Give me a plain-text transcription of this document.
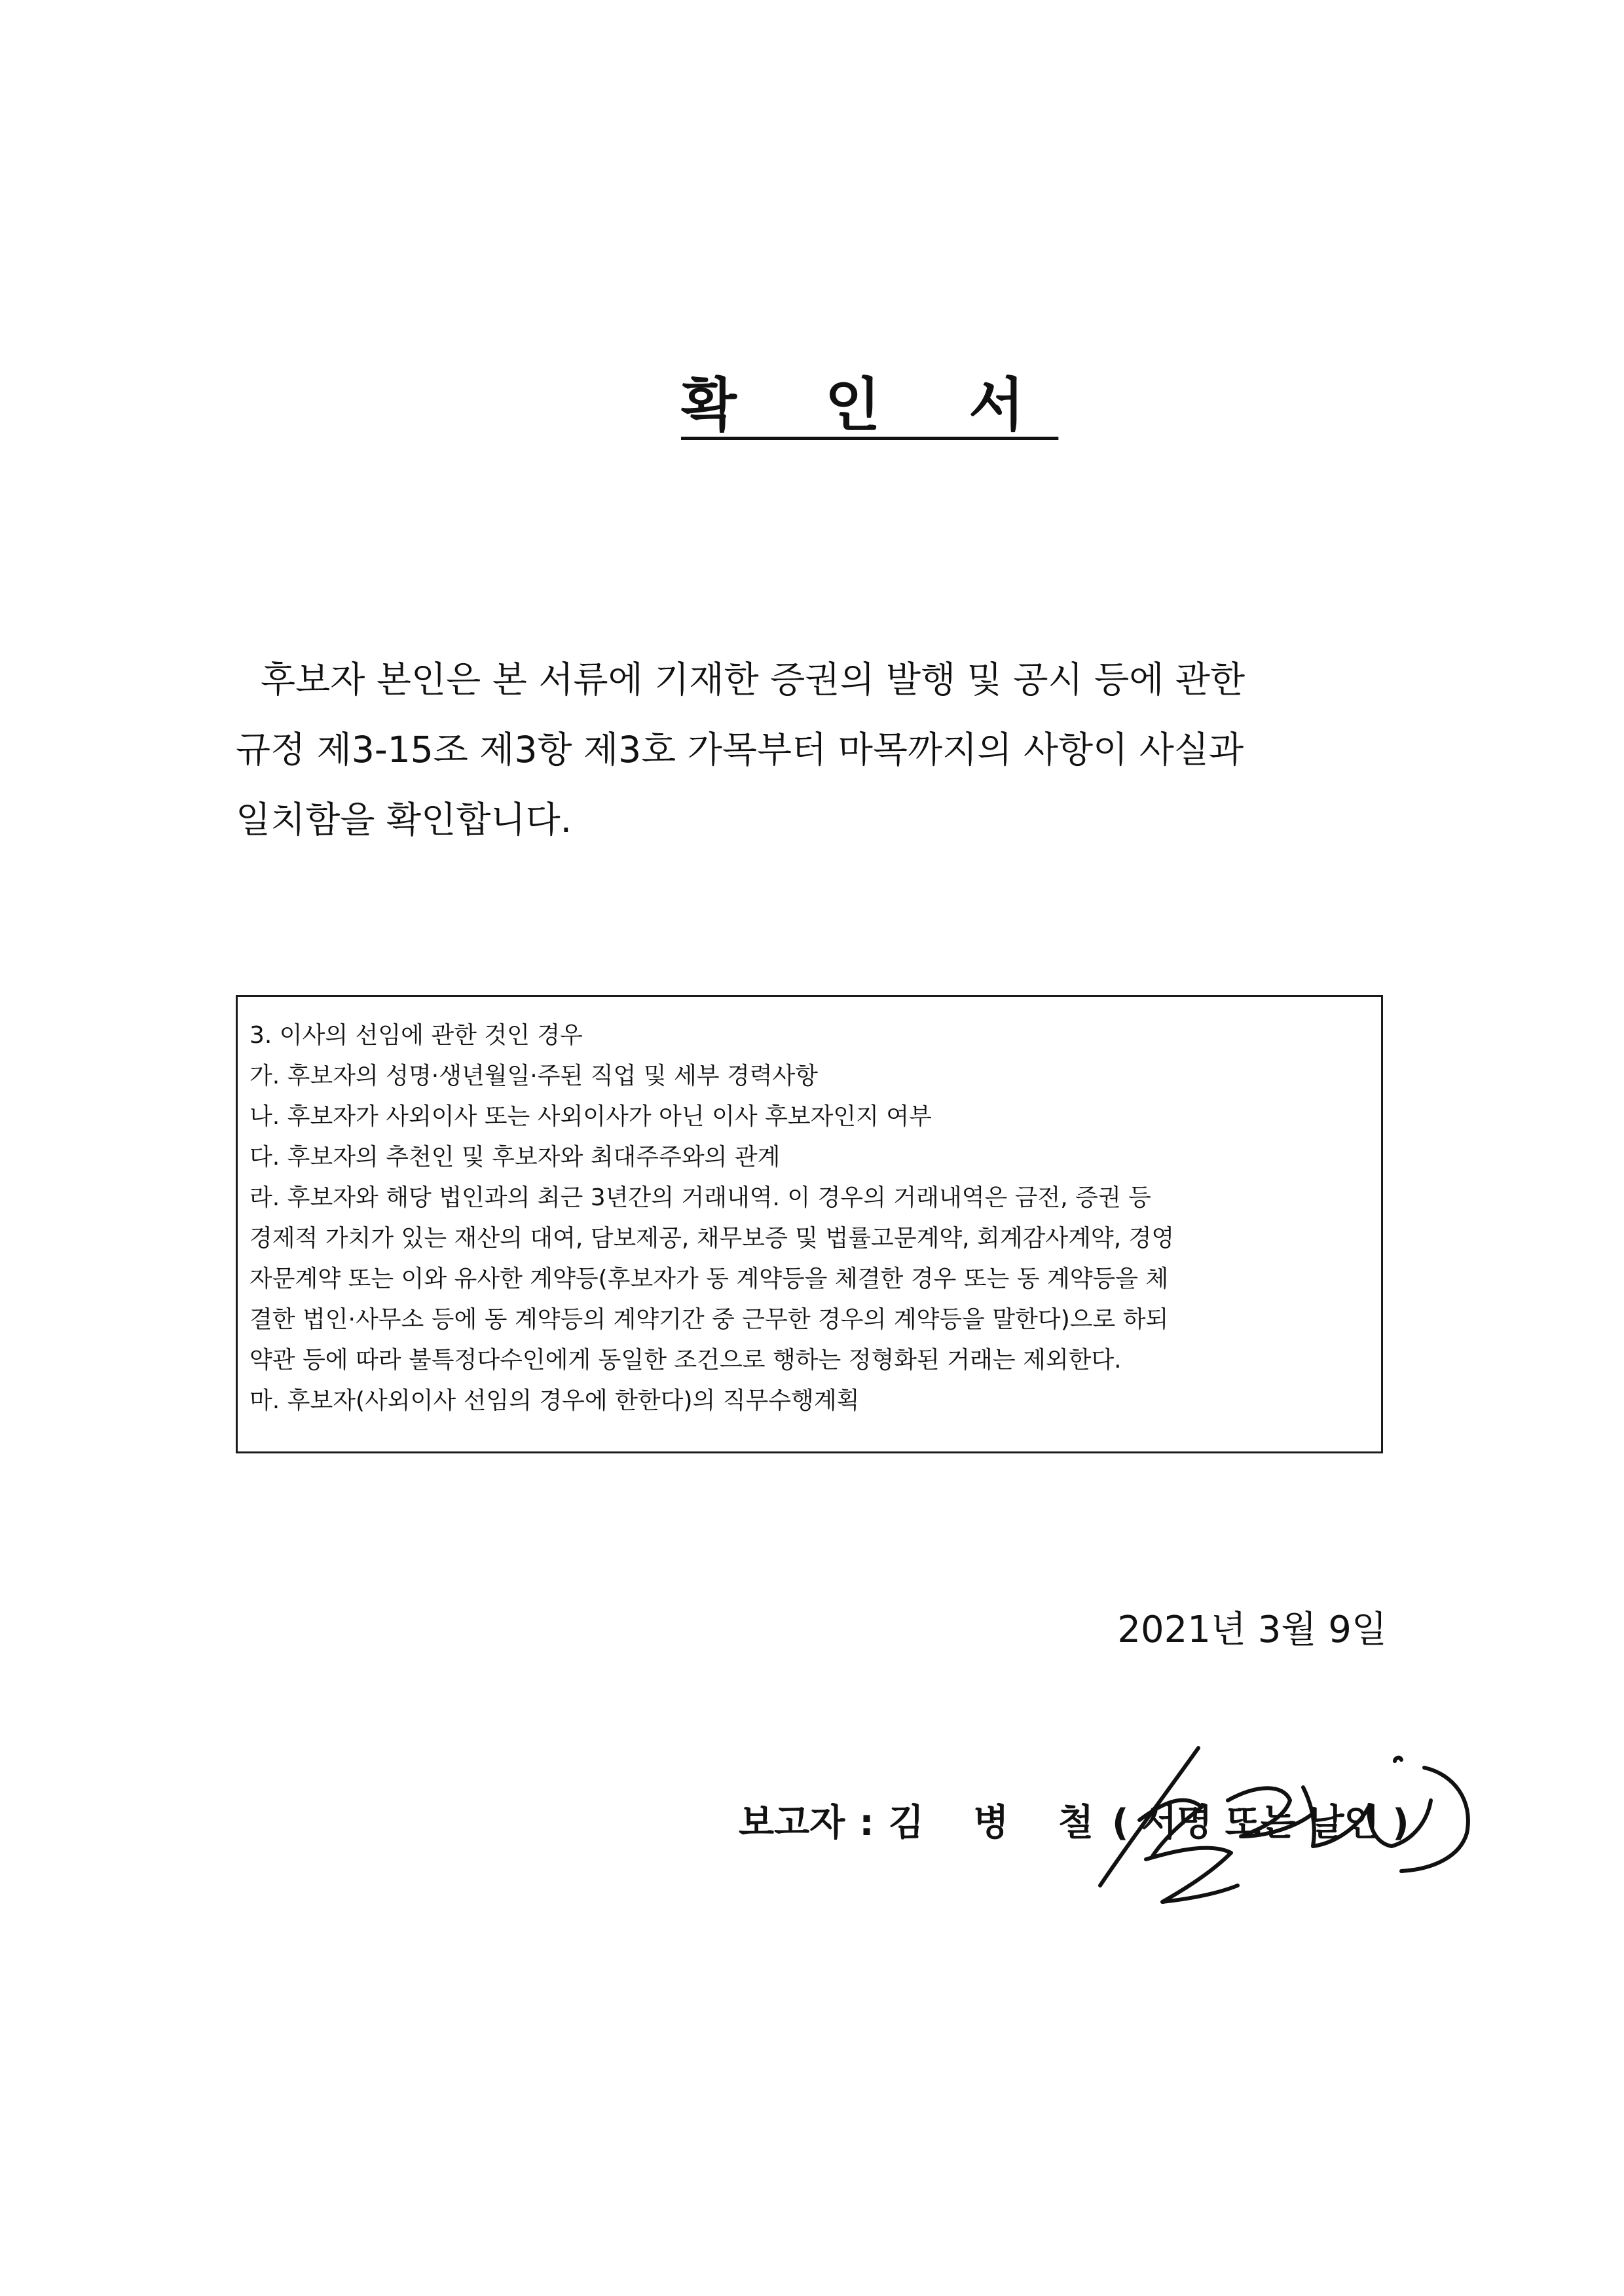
확 인 서
후보자 본인은 본 서류에 기재한 증권의 발행 및 공시 등에 관한
규정 제3-15조 제3항 제3호 가목부터 마목까지의 사항이 사실과
일치함을 확인합니다.
3. 이사의 선임에 관한 것인 경우
가. 후보자의 성명·생년월일·주된 직업 및 세부 경력사항
나. 후보자가 사외이사 또는 사외이사가 아닌 이사 후보자인지 여부
다. 후보자의 추천인 및 후보자와 최대주주와의 관계
라. 후보자와 해당 법인과의 최근 3년간의 거래내역. 이 경우의 거래내역은 금전, 증권 등
경제적 가치가 있는 재산의 대여, 담보제공, 채무보증 및 법률고문계약, 회계감사계약, 경영
자문계약 또는 이와 유사한 계약등(후보자가 동 계약등을 체결한 경우 또는 동 계약등을 체
결한 법인·사무소 등에 동 계약등의 계약기간 중 근무한 경우의 계약등을 말한다)으로 하되
약관 등에 따라 불특정다수인에게 동일한 조건으로 행하는 정형화된 거래는 제외한다.
마. 후보자(사외이사 선임의 경우에 한한다)의 직무수행계획
2021년 3월 9일
보고자 : 김 병 철( 서명 또는 날인 )
